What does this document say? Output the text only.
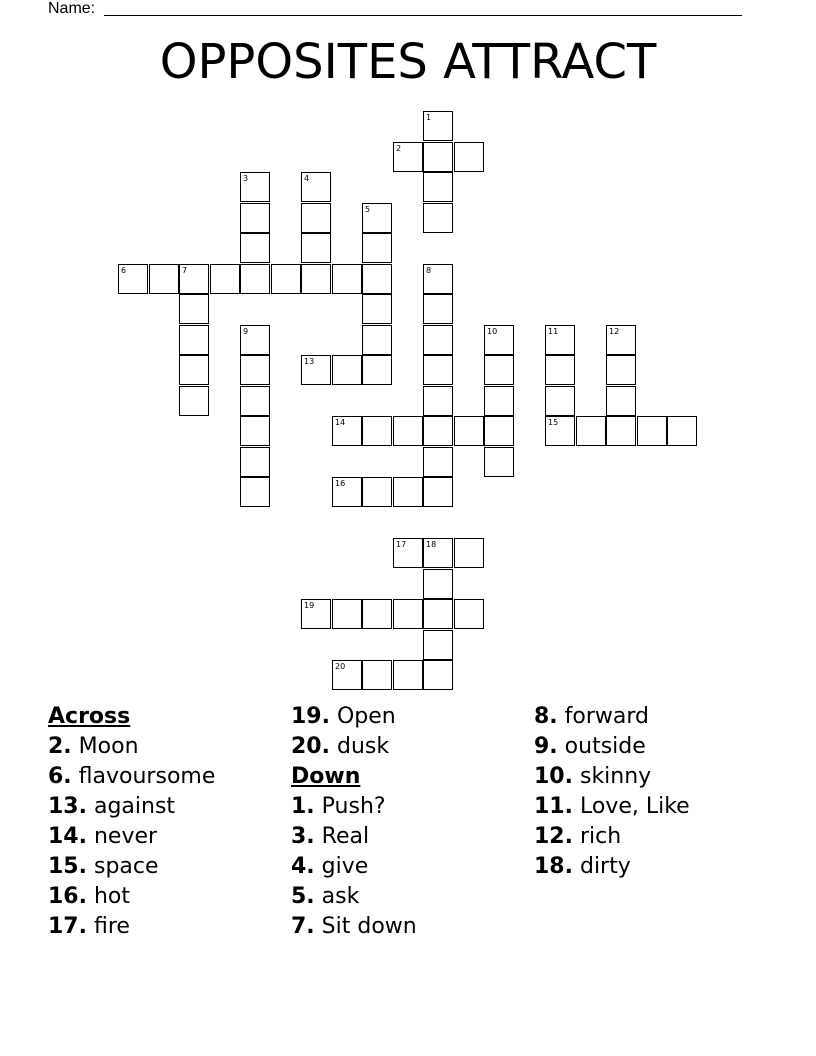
Name:
OPPOSITES ATTRACT
1
2
3	4
5
6	7	8
9	10	11
15
12
13
14
16
17 18
19
20
Across
2. Moon
6. flavoursome
13. against
14. never
15. space
16. hot
17. fire
19. Open
20. dusk
Down
1. Push?
3. Real
4. give
5. ask
7. Sit down
8. forward
9. outside
10. skinny
11. Love, Like
12. rich
18. dirty
